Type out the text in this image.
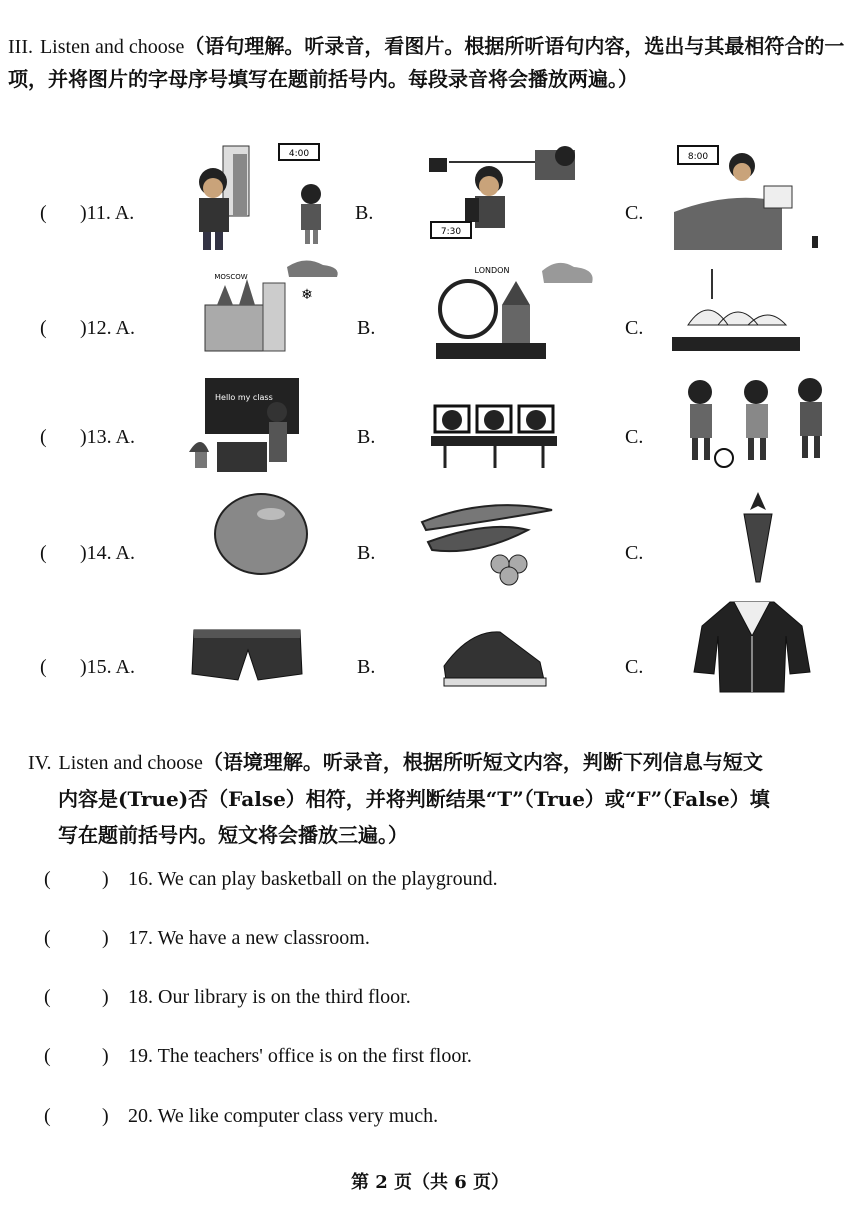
III. Listen and choose（语句理解。听录音，看图片。根据所听语句内容，选出与其最相符合的一项，并将图片的字母序号填写在题前括号内。每段录音将会播放两遍。）
( )11. A.
4:00
B.
7:30
C.
8:00
( )12. A.
MOSCOW
❄
B.
LONDON
C.
( )13. A.
Hello my class
B.	C.
( )14. A.	B.	C.
( )15. A.	B.	C.
IV. Listen and choose（语境理解。听录音，根据所听短文内容，判断下列信息与短文
内容是(True)否（False）相符，并将判断结果“T”（True）或“F”（False）填
写在题前括号内。短文将会播放三遍。）
(	) 16. We can play basketball on the playground.
(	) 17. We have a new classroom.
(	) 18. Our library is on the third floor.
(	) 19. The teachers' office is on the first floor.
(	) 20. We like computer class very much.
第 2 页（共 6 页）
